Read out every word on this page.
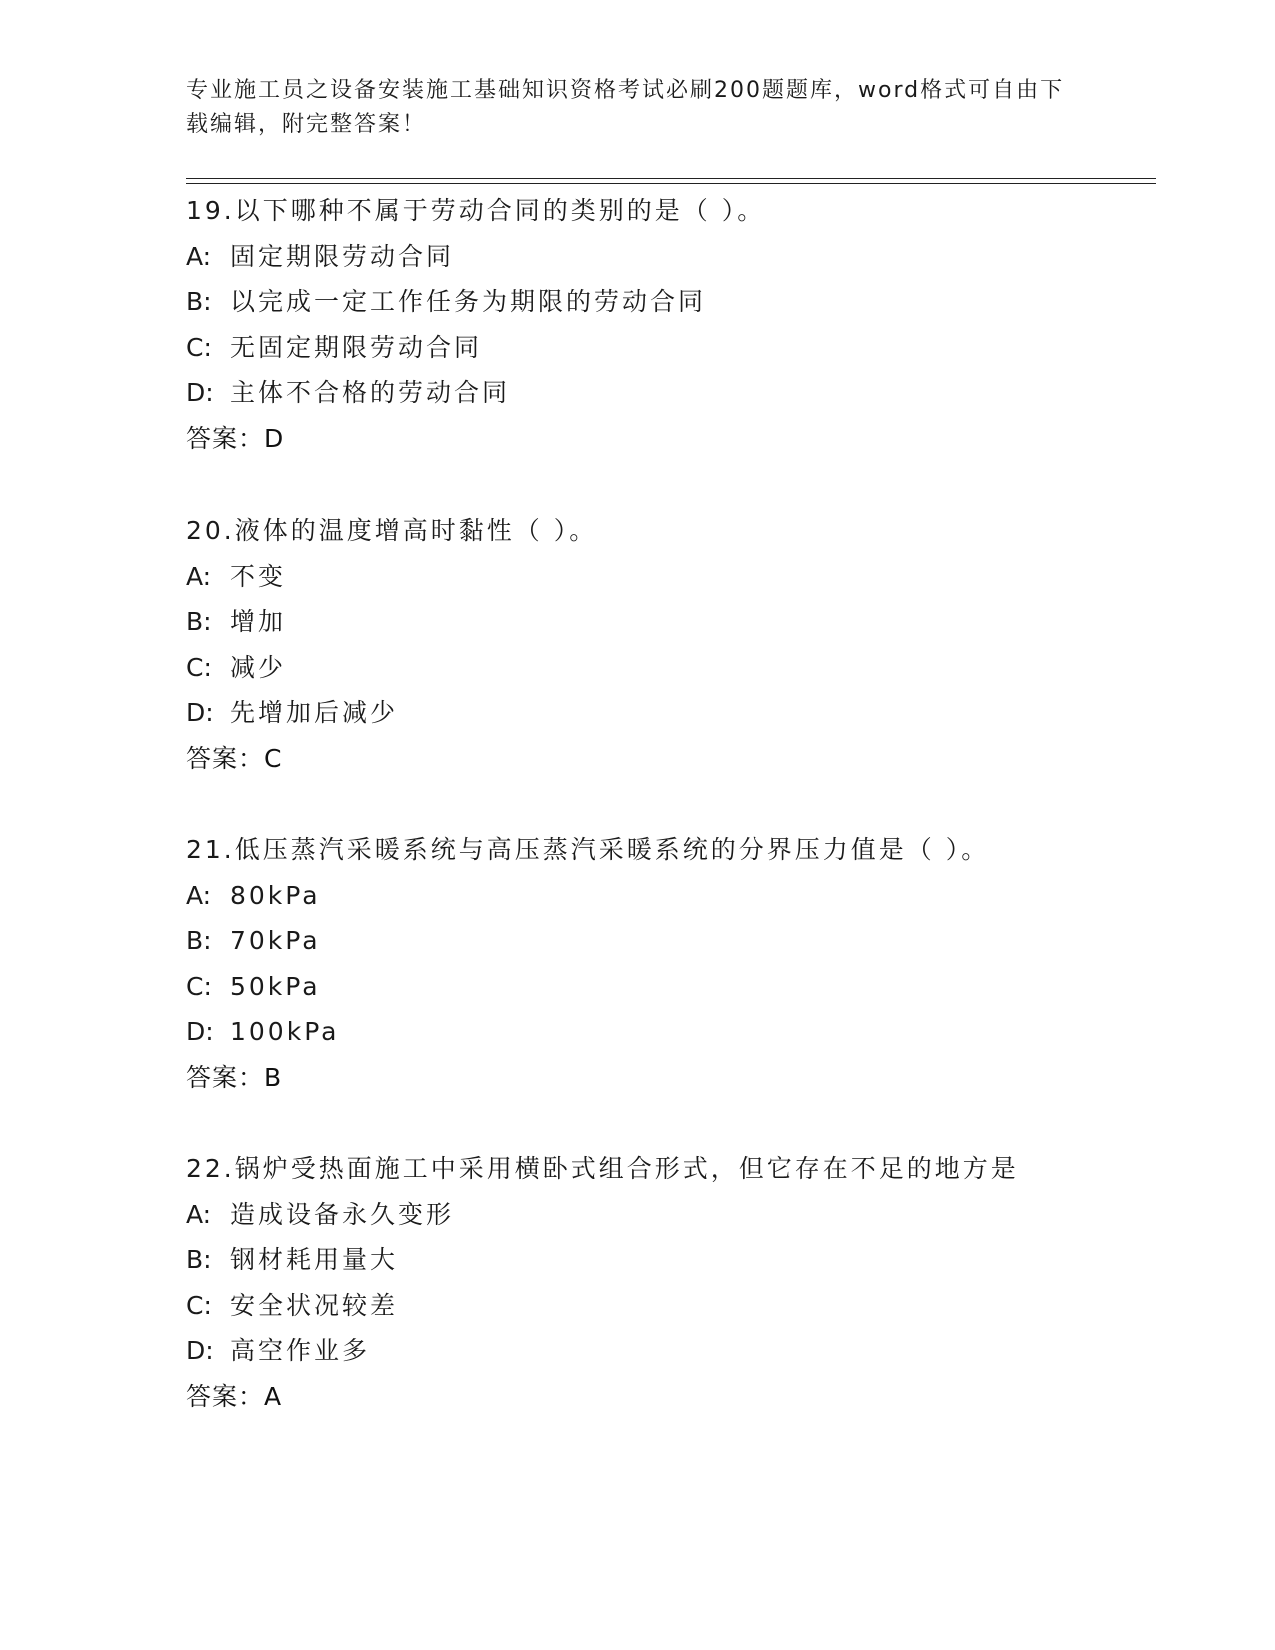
专业施工员之设备安装施工基础知识资格考试必刷200题题库，word格式可自由下载编辑，附完整答案！
19.以下哪种不属于劳动合同的类别的是（ ）。
A: 固定期限劳动合同
B: 以完成一定工作任务为期限的劳动合同
C: 无固定期限劳动合同
D: 主体不合格的劳动合同
答案：D
20.液体的温度增高时黏性（ ）。
A: 不变
B: 增加
C: 减少
D: 先增加后减少
答案：C
21.低压蒸汽采暖系统与高压蒸汽采暖系统的分界压力值是（ ）。
A: 80kPa
B: 70kPa
C: 50kPa
D: 100kPa
答案：B
22.锅炉受热面施工中采用横卧式组合形式，但它存在不足的地方是
A: 造成设备永久变形
B: 钢材耗用量大
C: 安全状况较差
D: 高空作业多
答案：A
